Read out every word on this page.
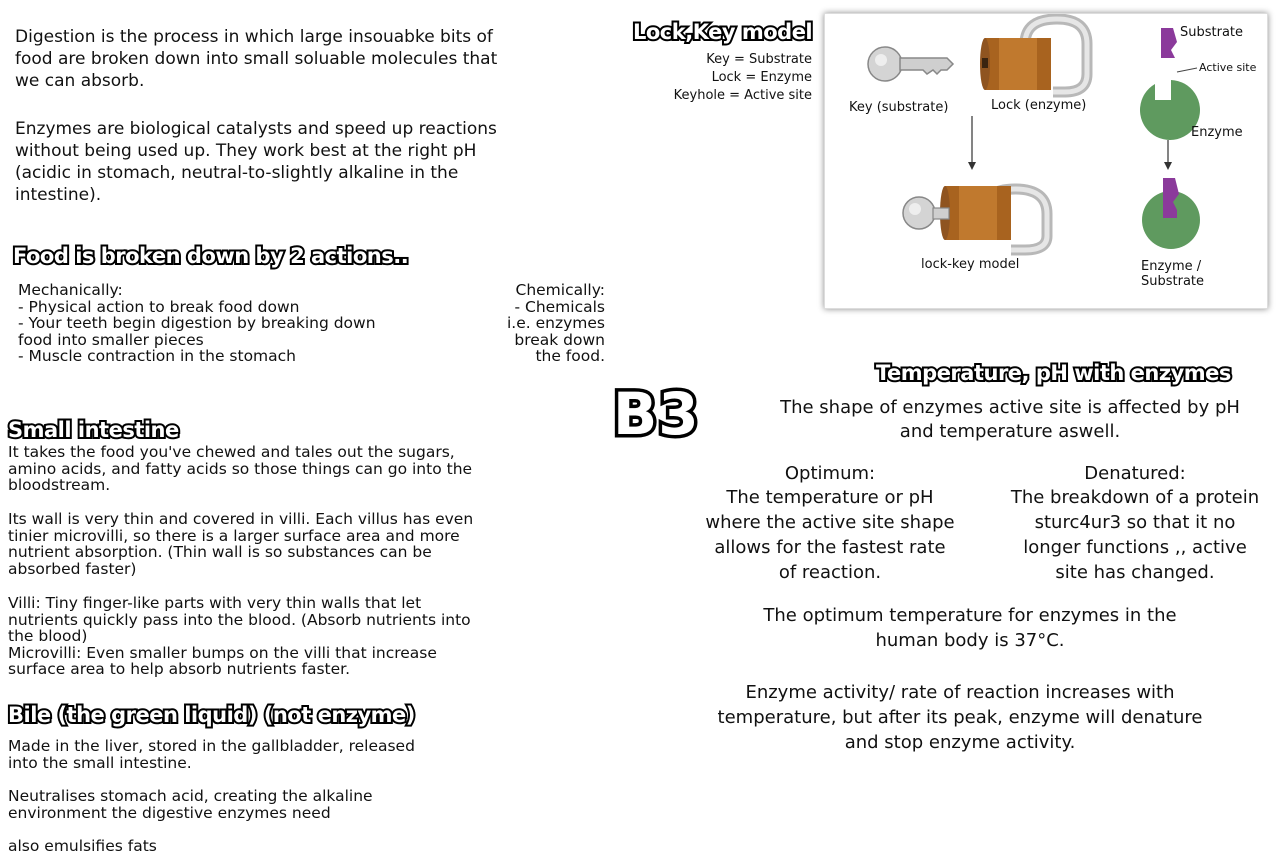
Digestion is the process in which large insouabke bits of
food are broken down into small soluable molecules that
we can absorb.
Enzymes are biological catalysts and speed up reactions
without being used up. They work best at the right pH
(acidic in stomach, neutral-to-slightly alkaline in the
intestine).
Food is broken down by 2 actions..
Mechanically:
- Physical action to break food down
- Your teeth begin digestion by breaking down
food into smaller pieces
- Muscle contraction in the stomach
Chemically:
- Chemicals
i.e. enzymes
break down
the food.
Small intestine
It takes the food you've chewed and tales out the sugars,
amino acids, and fatty acids so those things can go into the
bloodstream.
Its wall is very thin and covered in villi. Each villus has even
tinier microvilli, so there is a larger surface area and more
nutrient absorption. (Thin wall is so substances can be
absorbed faster)
Villi: Tiny finger-like parts with very thin walls that let
nutrients quickly pass into the blood. (Absorb nutrients into
the blood)
Microvilli: Even smaller bumps on the villi that increase
surface area to help absorb nutrients faster.
Bile (the green liquid) (not enzyme)
Made in the liver, stored in the gallbladder, released
into the small intestine.
Neutralises stomach acid, creating the alkaline
environment the digestive enzymes need
also emulsifies fats
Lock,Key model
Key = Substrate
Lock = Enzyme
Keyhole = Active site
Key (substrate)	Lock (enzyme)
lock-key model
Substrate
Active site
Enzyme
Enzyme /
Substrate
B3
Temperature, pH with enzymes
The shape of enzymes active site is affected by pH
and temperature aswell.
Optimum:
The temperature or pH
where the active site shape
allows for the fastest rate
of reaction.
Denatured:
The breakdown of a protein
sturc4ur3 so that it no
longer functions ,, active
site has changed.
The optimum temperature for enzymes in the
human body is 37°C.
Enzyme activity/ rate of reaction increases with
temperature, but after its peak, enzyme will denature
and stop enzyme activity.
